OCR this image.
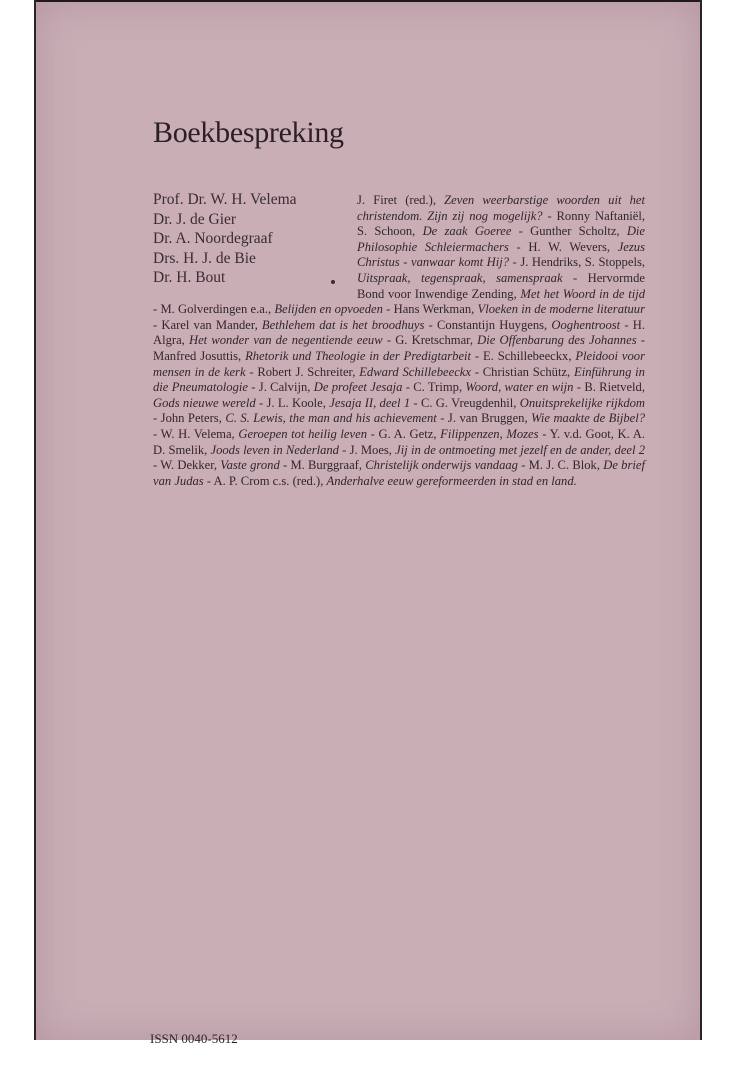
Boekbespreking
Prof. Dr. W. H. Velema
Dr. J. de Gier
Dr. A. Noordegraaf
Drs. H. J. de Bie
Dr. H. Bout

J. Firet (red.), Zeven weerbarstige woorden uit het christendom. Zijn zij nog mogelijk? - Ronny Naftaniël, S. Schoon, De zaak Goeree - Gunther Scholtz, Die Philosophie Schleiermachers - H. W. Wevers, Jezus Christus - vanwaar komt Hij? - J. Hendriks, S. Stoppels, Uitspraak, tegenspraak, samenspraak - Hervormde Bond voor Inwendige Zending, Met het Woord in de tijd - M. Golverdingen e.a., Belijden en opvoeden - Hans Werkman, Vloeken in de moderne literatuur - Karel van Mander, Bethlehem dat is het broodhuys - Constantijn Huygens, Ooghentroost - H. Algra, Het wonder van de negentiende eeuw - G. Kretschmar, Die Offenbarung des Johannes - Manfred Josuttis, Rhetorik und Theologie in der Predigtarbeit - E. Schillebeeckx, Pleidooi voor mensen in de kerk - Robert J. Schreiter, Edward Schillebeeckx - Christian Schütz, Einführung in die Pneumatologie - J. Calvijn, De profeet Jesaja - C. Trimp, Woord, water en wijn - B. Rietveld, Gods nieuwe wereld - J. L. Koole, Jesaja II, deel 1 - C. G. Vreugdenhil, Onuitsprekelijke rijkdom - John Peters, C. S. Lewis, the man and his achievement - J. van Bruggen, Wie maakte de Bijbel? - W. H. Velema, Geroepen tot heilig leven - G. A. Getz, Filippenzen, Mozes - Y. v.d. Goot, K. A. D. Smelik, Joods leven in Nederland - J. Moes, Jij in de ontmoeting met jezelf en de ander, deel 2 - W. Dekker, Vaste grond - M. Burggraaf, Christelijk onderwijs vandaag - M. J. C. Blok, De brief van Judas - A. P. Crom c.s. (red.), Anderhalve eeuw gereformeerden in stad en land.

ISSN 0040-5612
